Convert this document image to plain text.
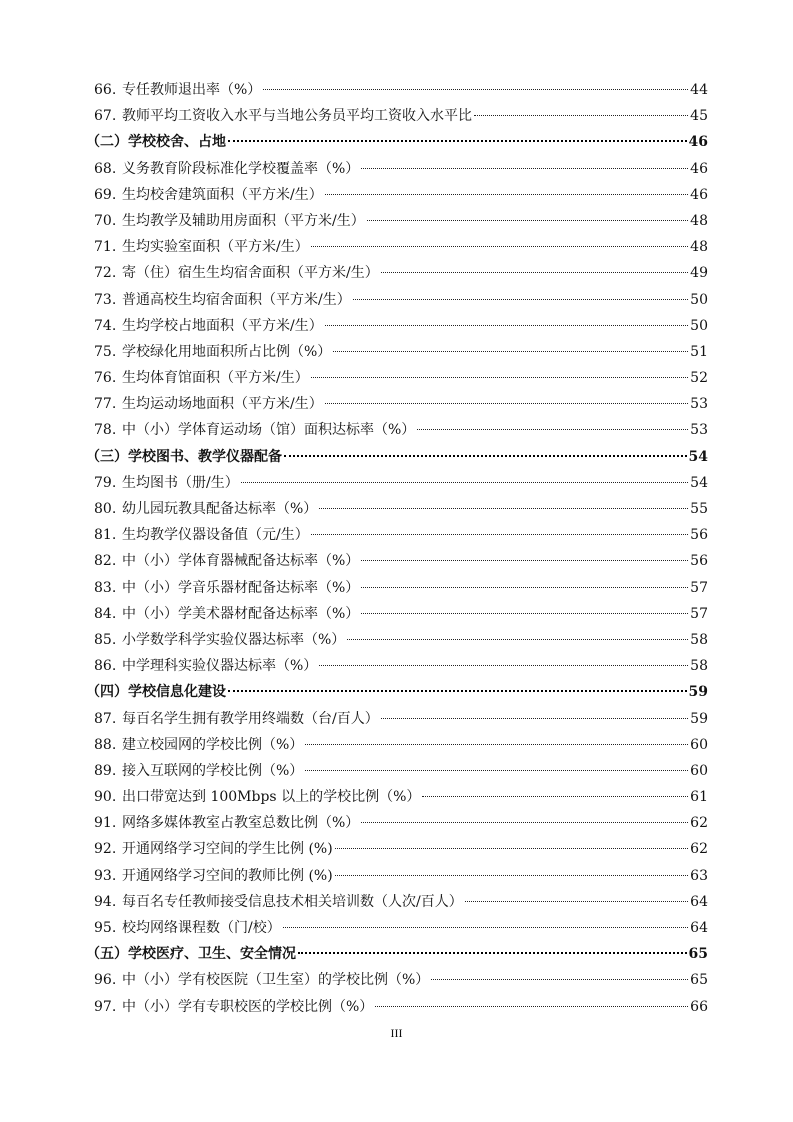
66. 专任教师退出率（%）	44
67. 教师平均工资收入水平与当地公务员平均工资收入水平比	45
（二）学校校舍、占地	46
68. 义务教育阶段标准化学校覆盖率（%）	46
69. 生均校舍建筑面积（平方米/生）	46
70. 生均教学及辅助用房面积（平方米/生）	48
71. 生均实验室面积（平方米/生）	48
72. 寄（住）宿生生均宿舍面积（平方米/生）	49
73. 普通高校生均宿舍面积（平方米/生）	50
74. 生均学校占地面积（平方米/生）	50
75. 学校绿化用地面积所占比例（%）	51
76. 生均体育馆面积（平方米/生）	52
77. 生均运动场地面积（平方米/生）	53
78. 中（小）学体育运动场（馆）面积达标率（%）	53
（三）学校图书、教学仪器配备	54
79. 生均图书（册/生）	54
80. 幼儿园玩教具配备达标率（%）	55
81. 生均教学仪器设备值（元/生）	56
82. 中（小）学体育器械配备达标率（%）	56
83. 中（小）学音乐器材配备达标率（%）	57
84. 中（小）学美术器材配备达标率（%）	57
85. 小学数学科学实验仪器达标率（%）	58
86. 中学理科实验仪器达标率（%）	58
（四）学校信息化建设	59
87. 每百名学生拥有教学用终端数（台/百人）	59
88. 建立校园网的学校比例（%）	60
89. 接入互联网的学校比例（%）	60
90. 出口带宽达到 100Mbps 以上的学校比例（%）	61
91. 网络多媒体教室占教室总数比例（%）	62
92. 开通网络学习空间的学生比例 (%)	62
93. 开通网络学习空间的教师比例 (%)	63
94. 每百名专任教师接受信息技术相关培训数（人次/百人）	64
95. 校均网络课程数（门/校）	64
（五）学校医疗、卫生、安全情况	65
96. 中（小）学有校医院（卫生室）的学校比例（%）	65
97. 中（小）学有专职校医的学校比例（%）	66
III
